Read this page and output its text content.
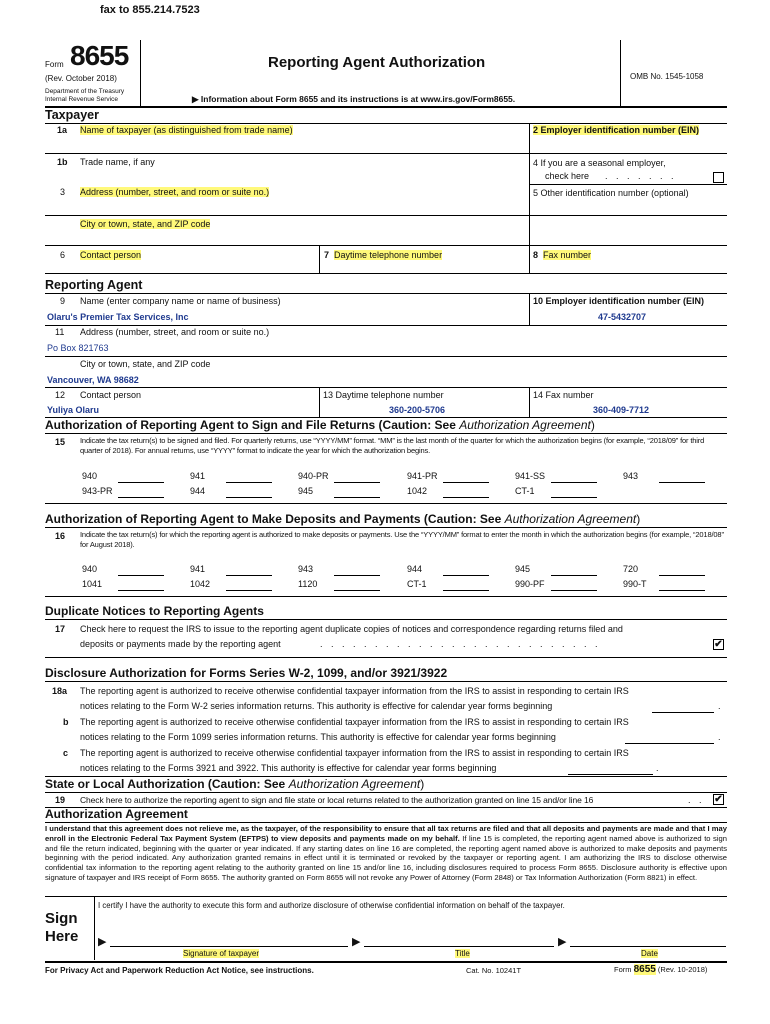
fax to 855.214.7523
Form 8655
(Rev. October 2018)
Department of the Treasury
Internal Revenue Service
Reporting Agent Authorization
▶ Information about Form 8655 and its instructions is at www.irs.gov/Form8655.
OMB No. 1545-1058
Taxpayer
1a Name of taxpayer (as distinguished from trade name)	2 Employer identification number (EIN)
1b Trade name, if any	4 If you are a seasonal employer,
check here . . . . . . .
3 Address (number, street, and room or suite no.)	5 Other identification number (optional)
City or town, state, and ZIP code
6 Contact person	7 Daytime telephone number	8 Fax number
Reporting Agent
9 Name (enter company name or name of business)	10 Employer identification number (EIN)
Olaru's Premier Tax Services, Inc	47-5432707
11 Address (number, street, and room or suite no.)
Po Box 821763
City or town, state, and ZIP code
Vancouver, WA 98682
12 Contact person	13 Daytime telephone number	14 Fax number
Yuliya Olaru	360-200-5706	360-409-7712
Authorization of Reporting Agent to Sign and File Returns (Caution: See Authorization Agreement)
15 Indicate the tax return(s) to be signed and filed. For quarterly returns, use “YYYY/MM” format. “MM” is the last month of the quarter for which the authorization begins (for example, “2018/09” for third quarter of 2018). For annual returns, use “YYYY” format to indicate the year for which the authorization begins.
940	941	940-PR	941-PR	941-SS	943
943-PR	944	945	1042	CT-1
Authorization of Reporting Agent to Make Deposits and Payments (Caution: See Authorization Agreement)
16 Indicate the tax return(s) for which the reporting agent is authorized to make deposits or payments. Use the “YYYY/MM” format to enter the month in which the authorization begins (for example, “2018/08” for August 2018).
940	941	943	944	945	720
1041	1042	1120	CT-1	990-PF	990-T
Duplicate Notices to Reporting Agents
17 Check here to request the IRS to issue to the reporting agent duplicate copies of notices and correspondence regarding returns filed and
deposits or payments made by the reporting agent	. . . . . . . . . . . . . . . . . . . . . . . . . .	✔
Disclosure Authorization for Forms Series W-2, 1099, and/or 3921/3922
18a The reporting agent is authorized to receive otherwise confidential taxpayer information from the IRS to assist in responding to certain IRS
notices relating to the Form W-2 series information returns. This authority is effective for calendar year forms beginning	.
b The reporting agent is authorized to receive otherwise confidential taxpayer information from the IRS to assist in responding to certain IRS
notices relating to the Form 1099 series information returns. This authority is effective for calendar year forms beginning	.
c The reporting agent is authorized to receive otherwise confidential taxpayer information from the IRS to assist in responding to certain IRS
notices relating to the Forms 3921 and 3922. This authority is effective for calendar year forms beginning	.
State or Local Authorization (Caution: See Authorization Agreement)
19 Check here to authorize the reporting agent to sign and file state or local returns related to the authorization granted on line 15 and/or line 16	. . ✔
Authorization Agreement
I understand that this agreement does not relieve me, as the taxpayer, of the responsibility to ensure that all tax returns are filed and that all deposits and payments are made and that I may enroll in the Electronic Federal Tax Payment System (EFTPS) to view deposits and payments made on my behalf. If line 15 is completed, the reporting agent named above is authorized to sign and file the return indicated, beginning with the quarter or year indicated. If any starting dates on line 16 are completed, the reporting agent named above is authorized to make deposits and payments beginning with the period indicated. Any authorization granted remains in effect until it is terminated or revoked by the taxpayer or reporting agent. I am authorizing the IRS to disclose otherwise confidential tax information to the reporting agent relating to the authority granted on line 15 and/or line 16, including disclosures required to process Form 8655. Disclosure authority is effective upon signature of taxpayer and IRS receipt of Form 8655. The authority granted on Form 8655 will not revoke any Power of Attorney (Form 2848) or Tax Information Authorization (Form 8821) in effect.
Sign
Here
I certify I have the authority to execute this form and authorize disclosure of otherwise confidential information on behalf of the taxpayer.
▶	▶	▶
Signature of taxpayer	Title	Date
For Privacy Act and Paperwork Reduction Act Notice, see instructions.	Cat. No. 10241T	Form 8655 (Rev. 10-2018)
